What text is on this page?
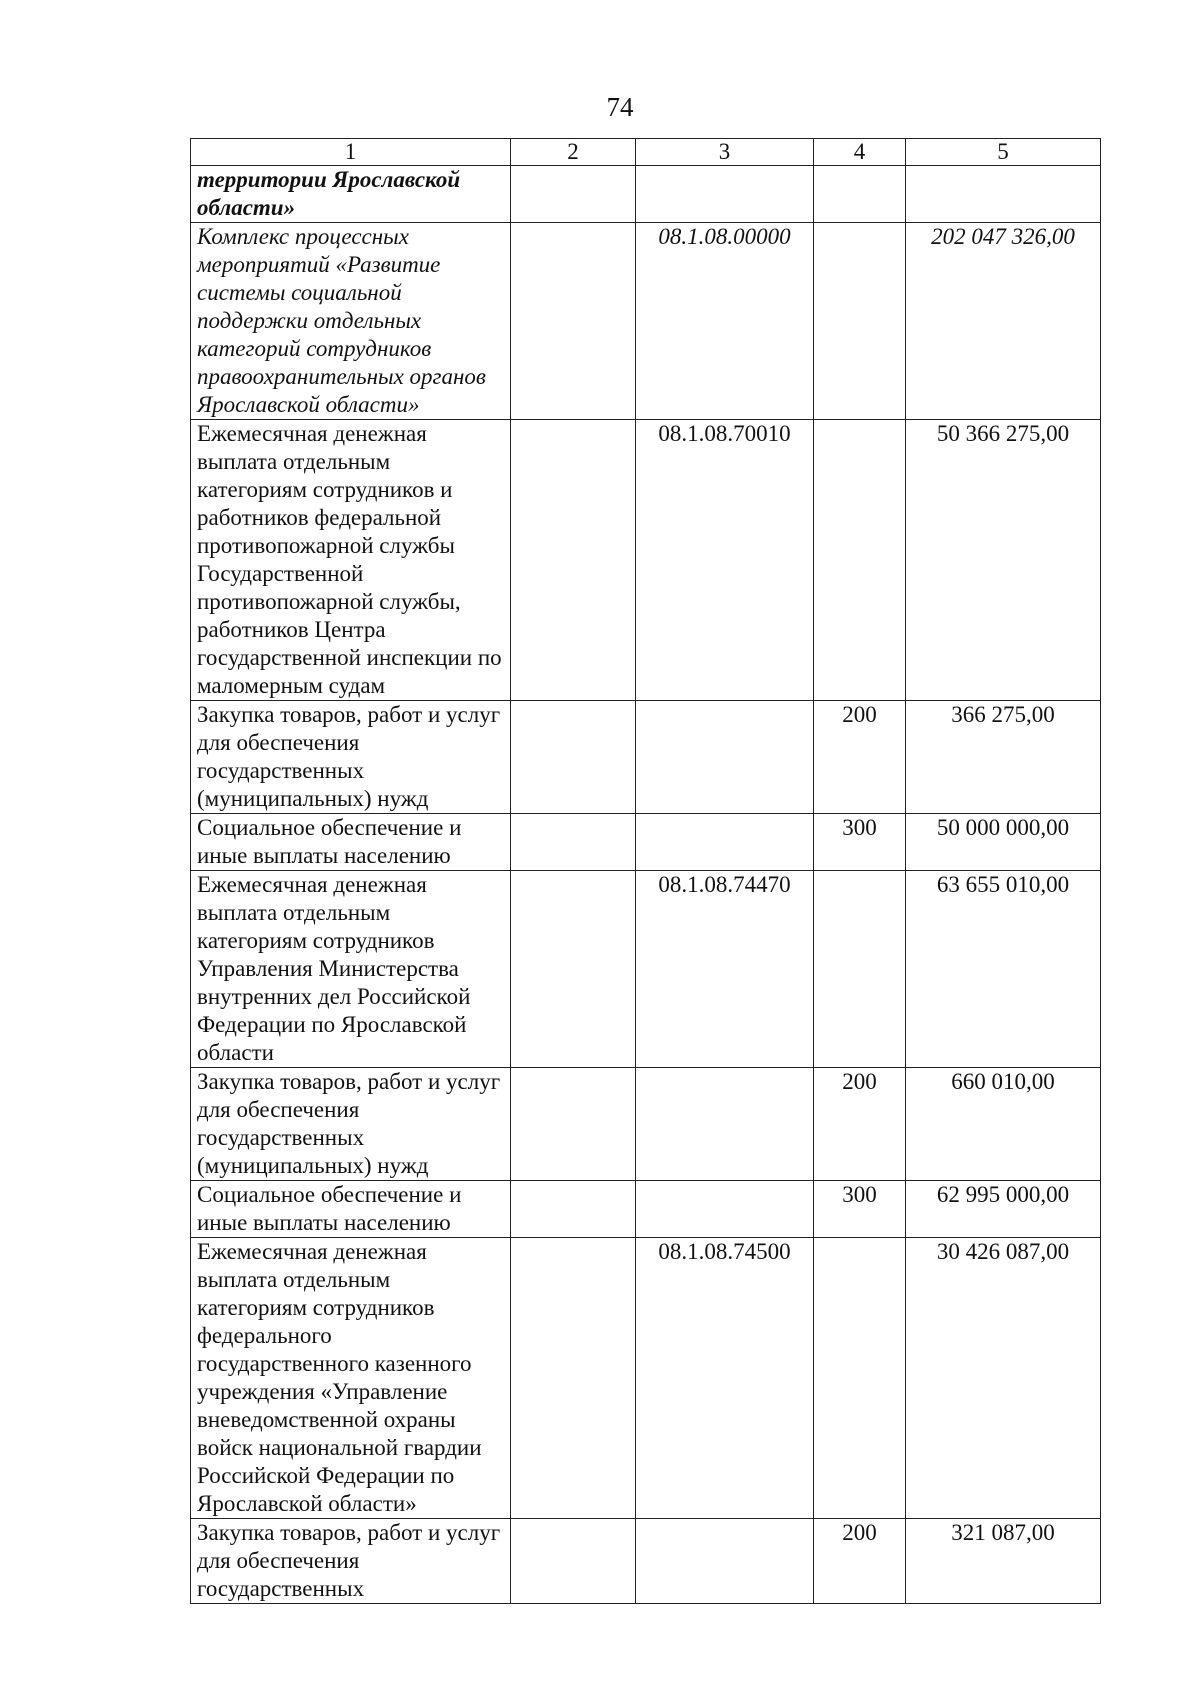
74
1	2	3	4	5
территории Ярославской области»				
Комплекс процессных мероприятий «Развитие системы социальной поддержки отдельных категорий сотрудников правоохранительных органов Ярославской области»		08.1.08.00000		202 047 326,00
Ежемесячная денежная выплата отдельным категориям сотрудников и работников федеральной противопожарной службы Государственной противопожарной службы, работников Центра государственной инспекции по маломерным судам		08.1.08.70010		50 366 275,00
Закупка товаров, работ и услуг для обеспечения государственных (муниципальных) нужд			200	366 275,00
Социальное обеспечение и иные выплаты населению			300	50 000 000,00
Ежемесячная денежная выплата отдельным категориям сотрудников Управления Министерства внутренних дел Российской Федерации по Ярославской области		08.1.08.74470		63 655 010,00
Закупка товаров, работ и услуг для обеспечения государственных (муниципальных) нужд			200	660 010,00
Социальное обеспечение и иные выплаты населению			300	62 995 000,00
Ежемесячная денежная выплата отдельным категориям сотрудников федерального государственного казенного учреждения «Управление вневедомственной охраны войск национальной гвардии Российской Федерации по Ярославской области»		08.1.08.74500		30 426 087,00
Закупка товаров, работ и услуг для обеспечения государственных			200	321 087,00
